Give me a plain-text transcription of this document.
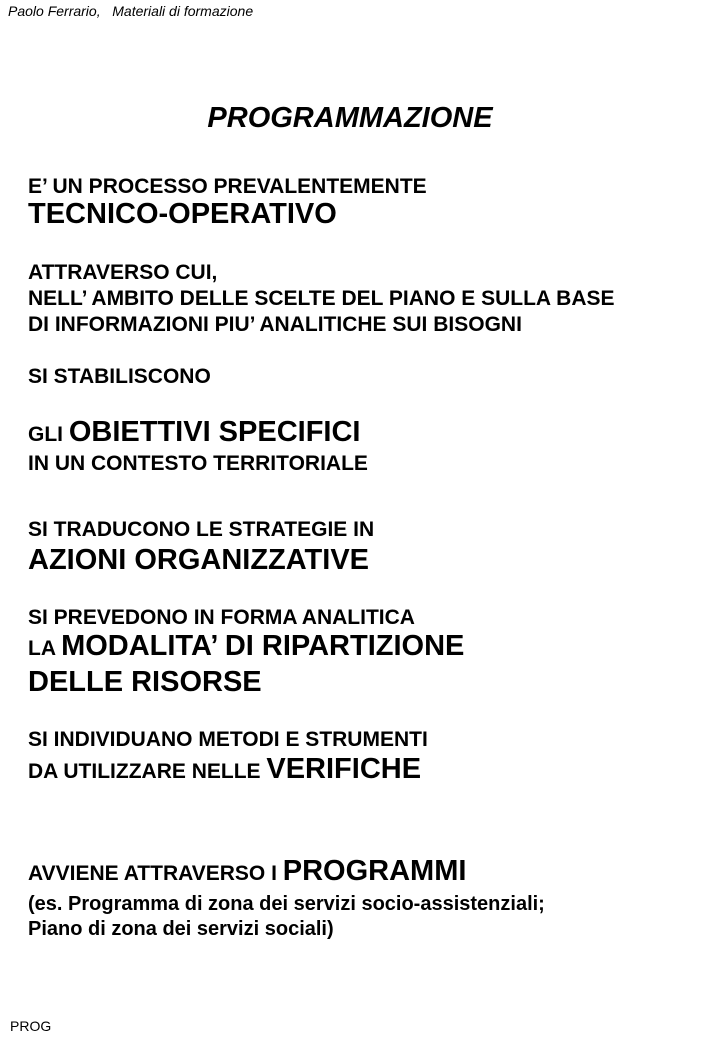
Paolo Ferrario, Materiali di formazione
PROGRAMMAZIONE
E’ UN PROCESSO PREVALENTEMENTE
TECNICO-OPERATIVO
ATTRAVERSO CUI,
NELL’ AMBITO DELLE SCELTE DEL PIANO E SULLA BASE
DI INFORMAZIONI PIU’ ANALITICHE SUI BISOGNI
SI STABILISCONO
GLI OBIETTIVI SPECIFICI
IN UN CONTESTO TERRITORIALE
SI TRADUCONO LE STRATEGIE IN
AZIONI ORGANIZZATIVE
SI PREVEDONO IN FORMA ANALITICA
LA MODALITA’ DI RIPARTIZIONE
DELLE RISORSE
SI INDIVIDUANO METODI E STRUMENTI
DA UTILIZZARE NELLE VERIFICHE
AVVIENE ATTRAVERSO I PROGRAMMI
(es. Programma di zona dei servizi socio-assistenziali;
Piano di zona dei servizi sociali)
PROG
